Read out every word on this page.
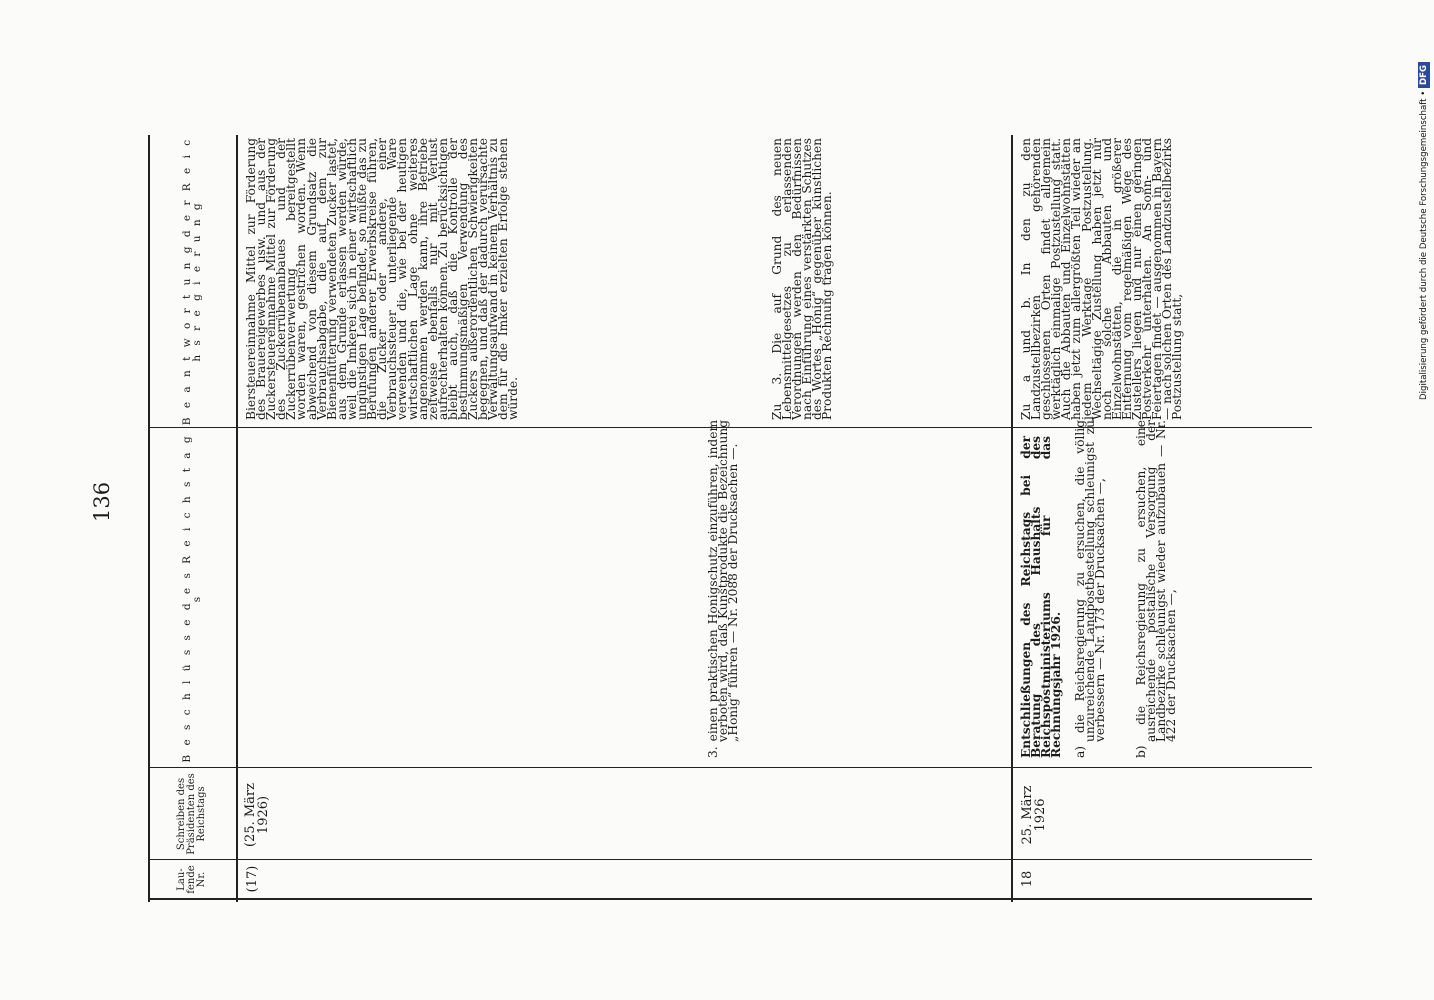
136
Lau- fende Nr.
Schreiben des Präsidenten des Reichstags
B e s c h l ü s s e d e s R e i c h s t a g s
B e a n t w o r t u n g d e r R e i c h s r e g i e r u n g
(17)
(25. März 1926)
3. einen praktischen Honigschutz einzuführen, indem verboten wird, daß Kunstprodukte die Bezeichnung „Honig“ führen — Nr. 2088 der Drucksachen —.
Biersteuereinnahme Mittel zur Förderung des Brauereigewerbes usw. und aus der Zuckersteuereinnahme Mittel zur Förderung des Zuckerrübenanbaues und der Zuckerrübenverwertung bereitgestellt worden waren, gestrichen worden. Wenn abweichend von diesem Grundsatz die Verbrauchsabgabe, die auf dem zur Bienenfütterung verwendeten Zucker lastet, aus dem Grunde erlassen werden würde, weil die Imkerei sich in einer wirtschaftlich ungünstigen Lage befindet, so müßte das zu Berufungen anderer Erwerbskreise führen, die Zucker oder andere, einer Verbrauchssteuer unterliegende Ware verwenden und die, wie bei der heutigen wirtschaftlichen Lage ohne weiteres angenommen werden kann, ihre Betriebe zeitweise ebenfalls nur mit Verlust aufrechterhalten können. Zu berücksichtigen bleibt auch, daß die Kontrolle der bestimmungsmäßigen Verwendung des Zuckers außerordentlichen Schwierigkeiten begegnen, und daß der dadurch verursachte Verwaltungsaufwand in keinem Verhältnis zu dem für die Imker erzielten Erfolge stehen würde.	Zu 3. Die auf Grund des neuen Lebensmittelgesetzes zu erlassenden Verordnungen werden den Bedürfnissen nach Einführung eines verstärkten Schutzes des Wortes „Honig“ gegenüber künstlichen Produkten Rechnung tragen können.
18
25. März 1926
Entschließungen des Reichstags bei der Beratung des Haushalts des Reichspostministeriums für das Rechnungsjahr 1926. a) die Reichsregierung zu ersuchen, die völlig unzureichende Landpostbestellung schleunigst zu verbessern — Nr. 173 der Drucksachen —, b) die Reichsregierung zu ersuchen, eine ausreichende postalische Versorgung der Landbezirke schleunigst wieder aufzubauen — Nr. 422 der Drucksachen —,
Zu a und b. In den zu den Landzustellbezirken gehörenden geschlossenen Orten findet allgemein werktäglich einmalige Postzustellung statt. Auch die Abbauten und Einzelwohnstätten haben jetzt zum allergrößten Teil wieder an jedem Werktage Postzustellung. Wechseltägige Zustellung haben jetzt nur noch solche Abbauten und Einzelwohnstätten, die in größerer Entfernung vom regelmäßigen Wege des Zustellers liegen und nur einen geringen Postverkehr unterhalten. An Sonn- und Feiertagen findet — ausgenommen in Bayern — nach solchen Orten des Landzustellbezirks Postzustellung statt,	Digitalisierung gefördert durch die Deutsche Forschungsgemeinschaft • DFG
